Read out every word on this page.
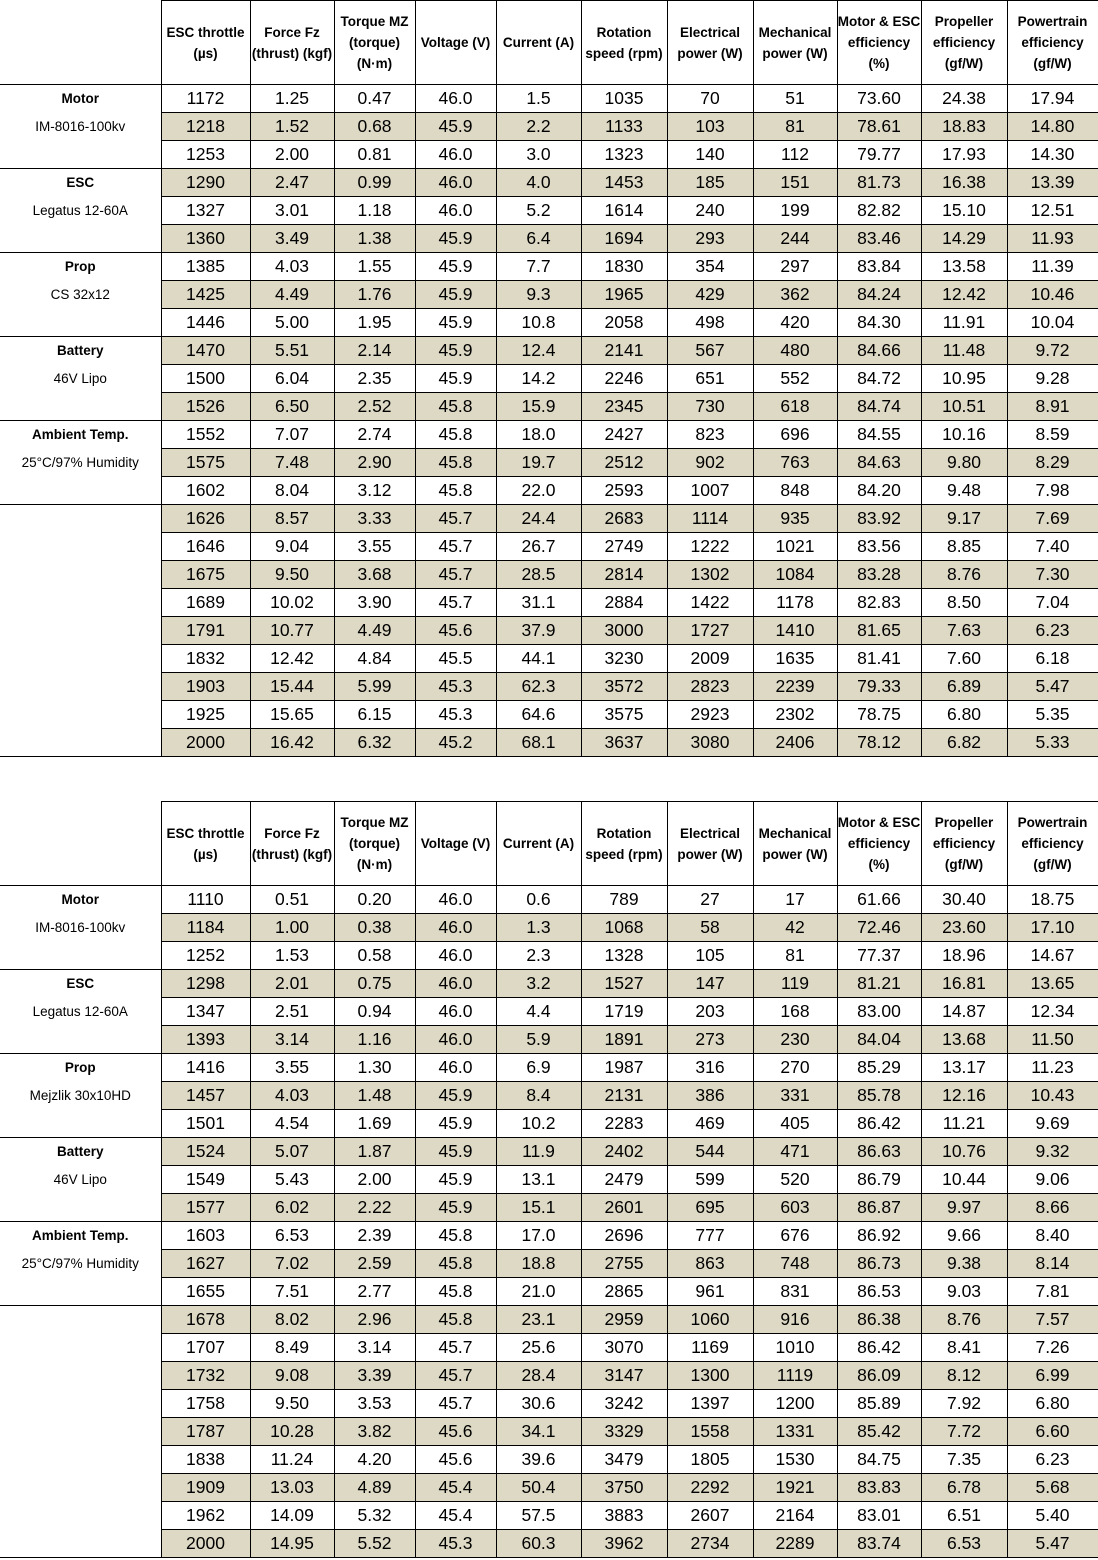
	ESC throttle (µs)	Force Fz (thrust) (kgf)	Torque MZ (torque) (N·m)	Voltage (V)	Current (A)	Rotation speed (rpm)	Electrical power (W)	Mechanical power (W)	Motor & ESC efficiency (%)	Propeller efficiency (gf/W)	Powertrain efficiency (gf/W)
Motor	1172	1.25	0.47	46.0	1.5	1035	70	51	73.60	24.38	17.94
IM-8016-100kv	1218	1.52	0.68	45.9	2.2	1133	103	81	78.61	18.83	14.80
	1253	2.00	0.81	46.0	3.0	1323	140	112	79.77	17.93	14.30
ESC	1290	2.47	0.99	46.0	4.0	1453	185	151	81.73	16.38	13.39
Legatus 12-60A	1327	3.01	1.18	46.0	5.2	1614	240	199	82.82	15.10	12.51
	1360	3.49	1.38	45.9	6.4	1694	293	244	83.46	14.29	11.93
Prop	1385	4.03	1.55	45.9	7.7	1830	354	297	83.84	13.58	11.39
CS 32x12	1425	4.49	1.76	45.9	9.3	1965	429	362	84.24	12.42	10.46
	1446	5.00	1.95	45.9	10.8	2058	498	420	84.30	11.91	10.04
Battery	1470	5.51	2.14	45.9	12.4	2141	567	480	84.66	11.48	9.72
46V Lipo	1500	6.04	2.35	45.9	14.2	2246	651	552	84.72	10.95	9.28
	1526	6.50	2.52	45.8	15.9	2345	730	618	84.74	10.51	8.91
Ambient Temp.	1552	7.07	2.74	45.8	18.0	2427	823	696	84.55	10.16	8.59
25°C/97% Humidity	1575	7.48	2.90	45.8	19.7	2512	902	763	84.63	9.80	8.29
	1602	8.04	3.12	45.8	22.0	2593	1007	848	84.20	9.48	7.98
	1626	8.57	3.33	45.7	24.4	2683	1114	935	83.92	9.17	7.69
	1646	9.04	3.55	45.7	26.7	2749	1222	1021	83.56	8.85	7.40
	1675	9.50	3.68	45.7	28.5	2814	1302	1084	83.28	8.76	7.30
	1689	10.02	3.90	45.7	31.1	2884	1422	1178	82.83	8.50	7.04
	1791	10.77	4.49	45.6	37.9	3000	1727	1410	81.65	7.63	6.23
	1832	12.42	4.84	45.5	44.1	3230	2009	1635	81.41	7.60	6.18
	1903	15.44	5.99	45.3	62.3	3572	2823	2239	79.33	6.89	5.47
	1925	15.65	6.15	45.3	64.6	3575	2923	2302	78.75	6.80	5.35
	2000	16.42	6.32	45.2	68.1	3637	3080	2406	78.12	6.82	5.33
	ESC throttle (µs)	Force Fz (thrust) (kgf)	Torque MZ (torque) (N·m)	Voltage (V)	Current (A)	Rotation speed (rpm)	Electrical power (W)	Mechanical power (W)	Motor & ESC efficiency (%)	Propeller efficiency (gf/W)	Powertrain efficiency (gf/W)
Motor	1110	0.51	0.20	46.0	0.6	789	27	17	61.66	30.40	18.75
IM-8016-100kv	1184	1.00	0.38	46.0	1.3	1068	58	42	72.46	23.60	17.10
	1252	1.53	0.58	46.0	2.3	1328	105	81	77.37	18.96	14.67
ESC	1298	2.01	0.75	46.0	3.2	1527	147	119	81.21	16.81	13.65
Legatus 12-60A	1347	2.51	0.94	46.0	4.4	1719	203	168	83.00	14.87	12.34
	1393	3.14	1.16	46.0	5.9	1891	273	230	84.04	13.68	11.50
Prop	1416	3.55	1.30	46.0	6.9	1987	316	270	85.29	13.17	11.23
Mejzlik 30x10HD	1457	4.03	1.48	45.9	8.4	2131	386	331	85.78	12.16	10.43
	1501	4.54	1.69	45.9	10.2	2283	469	405	86.42	11.21	9.69
Battery	1524	5.07	1.87	45.9	11.9	2402	544	471	86.63	10.76	9.32
46V Lipo	1549	5.43	2.00	45.9	13.1	2479	599	520	86.79	10.44	9.06
	1577	6.02	2.22	45.9	15.1	2601	695	603	86.87	9.97	8.66
Ambient Temp.	1603	6.53	2.39	45.8	17.0	2696	777	676	86.92	9.66	8.40
25°C/97% Humidity	1627	7.02	2.59	45.8	18.8	2755	863	748	86.73	9.38	8.14
	1655	7.51	2.77	45.8	21.0	2865	961	831	86.53	9.03	7.81
	1678	8.02	2.96	45.8	23.1	2959	1060	916	86.38	8.76	7.57
	1707	8.49	3.14	45.7	25.6	3070	1169	1010	86.42	8.41	7.26
	1732	9.08	3.39	45.7	28.4	3147	1300	1119	86.09	8.12	6.99
	1758	9.50	3.53	45.7	30.6	3242	1397	1200	85.89	7.92	6.80
	1787	10.28	3.82	45.6	34.1	3329	1558	1331	85.42	7.72	6.60
	1838	11.24	4.20	45.6	39.6	3479	1805	1530	84.75	7.35	6.23
	1909	13.03	4.89	45.4	50.4	3750	2292	1921	83.83	6.78	5.68
	1962	14.09	5.32	45.4	57.5	3883	2607	2164	83.01	6.51	5.40
	2000	14.95	5.52	45.3	60.3	3962	2734	2289	83.74	6.53	5.47
